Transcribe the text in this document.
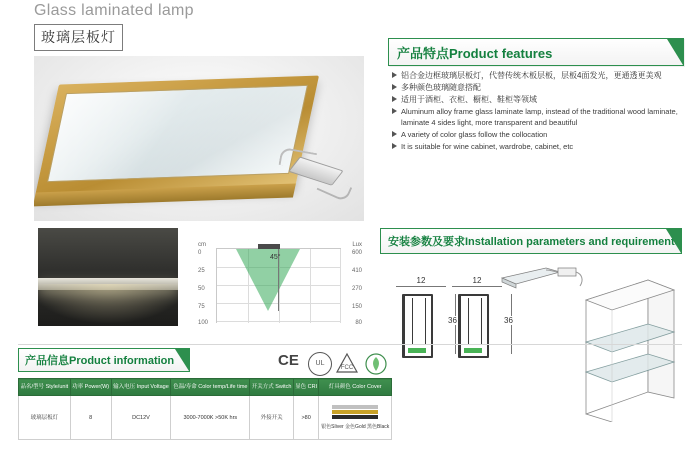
Glass laminated lamp
玻璃层板灯
cm	Lux
0
25
50
75
100
600
410
270
150
80
45°
产品特点Product features
铝合金边框玻璃层板灯，代替传统木板层板，层板4面发光，更通透更美观
多种颜色玻璃随意搭配
适用于酒柜、衣柜、橱柜、鞋柜等领域
Aluminum alloy frame glass laminate lamp, instead of the traditional wood laminate, laminate 4 sides light, more transparent and beautiful
A variety of color glass follow the collocation
It is suitable for wine cabinet, wardrobe, cabinet, etc
安装参数及要求Installation parameters and requirements
12
36
12
36
产品信息Product information	CE	UL
FCC
品名/型号 Style/unit	功率 Power(W)	输入电压 Input Voltage	色温/寿命 Color temp/Life time	开关方式 Switch	显色 CRI	灯具颜色 Color Cover
玻璃层板灯	8	DC12V	3000-7000K >50K hrs	外接开关	>80	银色Sliver 金色Gold 黑色Black
